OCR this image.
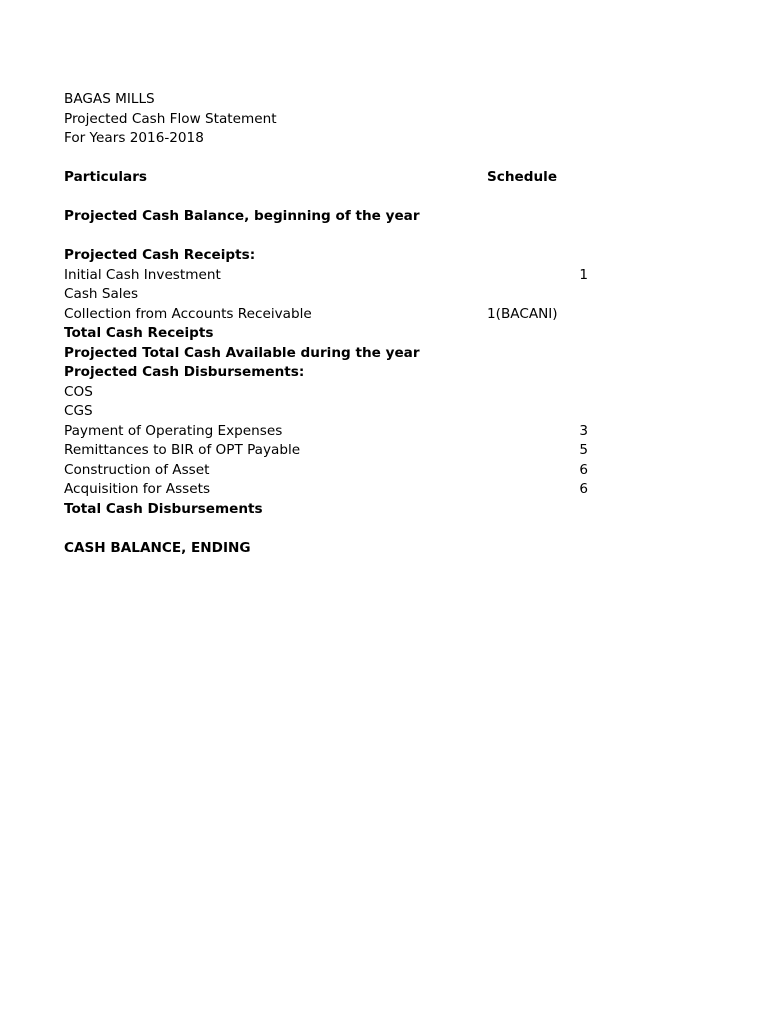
BAGAS MILLS
Projected Cash Flow Statement
For Years 2016-2018
Particulars	Schedule
Projected Cash Balance, beginning of the year
Projected Cash Receipts:
Initial Cash Investment	1
Cash Sales
Collection from Accounts Receivable	1(BACANI)
Total Cash Receipts
Projected Total Cash Available during the year
Projected Cash Disbursements:
COS
CGS
Payment of Operating Expenses	3
Remittances to BIR of OPT Payable	5
Construction of Asset	6
Acquisition for Assets	6
Total Cash Disbursements
CASH BALANCE, ENDING
